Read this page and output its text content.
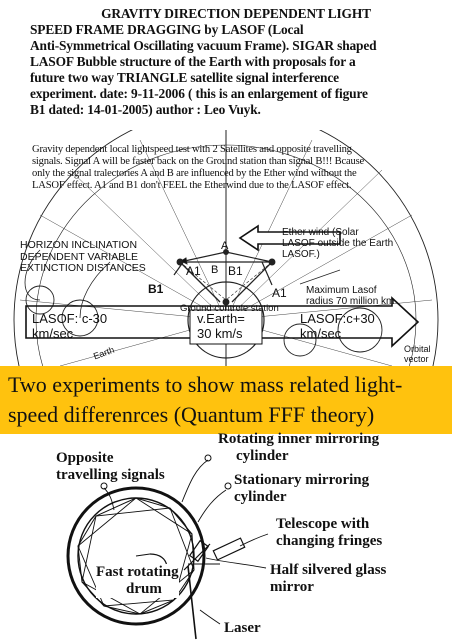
GRAVITY DIRECTION DEPENDENT LIGHT
SPEED FRAME DRAGGING by LASOF (Local
Anti-Symmetrical Oscillating vacuum Frame). SIGAR shaped
LASOF Bubble structure of the Earth with proposals for a
future two way TRIANGLE satellite signal interference
experiment. date: 9-11-2006 ( this is an enlargement of figure
B1 dated: 14-01-2005) author : Leo Vuyk.
Gravity dependent local lightspeed test with 2 Satellites and opposite travelling
signals. Signal A will be faster back on the Ground station than signal B!!! Bcause
only the signal tralectories A and B are influenced by the Ether wind without the
LASOF effect. A1 and B1 don't FEEL the Etherwind due to the LASOF effect.
Ether wind (Solar
LASOF outside the Earth
LASOF.)
HORIZON INCLINATION
DEPENDENT VARIABLE
EXTINCTION DISTANCES
A
B
A1 B1
B1	A1 Maximum Lasof
radius 70 million km
Ground controle station
LASOF: c-30
km/sec
v.Earth=
30 km/s
LASOF:c+30
km/sec
Orbital
vector
Earth
Two experiments to show mass related light-speed differenrces (Quantum FFF theory)
Opposite
travelling signals
Rotating inner mirroring
cylinder
Stationary mirroring
cylinder
Telescope with
changing fringes
Half silvered glass
mirror
Fast rotating
drum
Laser
